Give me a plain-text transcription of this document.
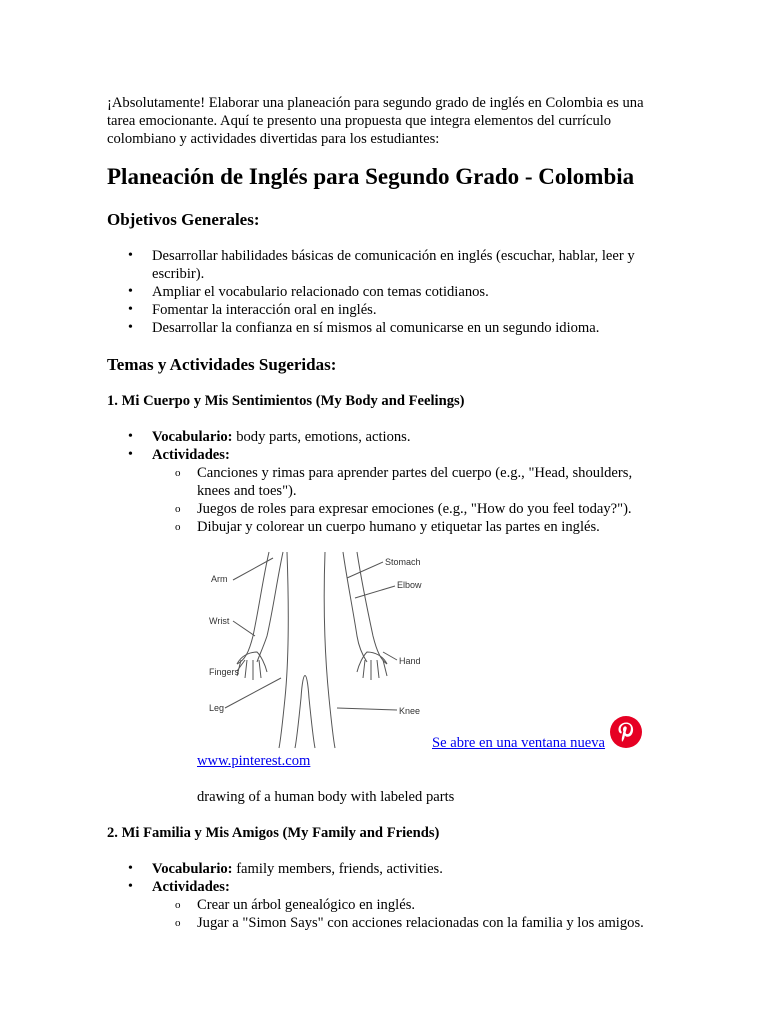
¡Absolutamente! Elaborar una planeación para segundo grado de inglés en Colombia es una tarea emocionante. Aquí te presento una propuesta que integra elementos del currículo colombiano y actividades divertidas para los estudiantes:

Planeación de Inglés para Segundo Grado - Colombia
Objetivos Generales:
• Desarrollar habilidades básicas de comunicación en inglés (escuchar, hablar, leer y escribir).
• Ampliar el vocabulario relacionado con temas cotidianos.
• Fomentar la interacción oral en inglés.
• Desarrollar la confianza en sí mismos al comunicarse en un segundo idioma.
Temas y Actividades Sugeridas:
1. Mi Cuerpo y Mis Sentimientos (My Body and Feelings)
• Vocabulario: body parts, emotions, actions.
• Actividades:
o Canciones y rimas para aprender partes del cuerpo (e.g., "Head, shoulders, knees and toes").
o Juegos de roles para expresar emociones (e.g., "How do you feel today?").
o Dibujar y colorear un cuerpo humano y etiquetar las partes en inglés.
Arm
Wrist
Fingers
Leg
Stomach
Elbow
Hand
Knee
Se abre en una ventana nueva
www.pinterest.com

drawing of a human body with labeled parts

2. Mi Familia y Mis Amigos (My Family and Friends)
• Vocabulario: family members, friends, activities.
• Actividades:
o Crear un árbol genealógico en inglés.
o Jugar a "Simon Says" con acciones relacionadas con la familia y los amigos.
